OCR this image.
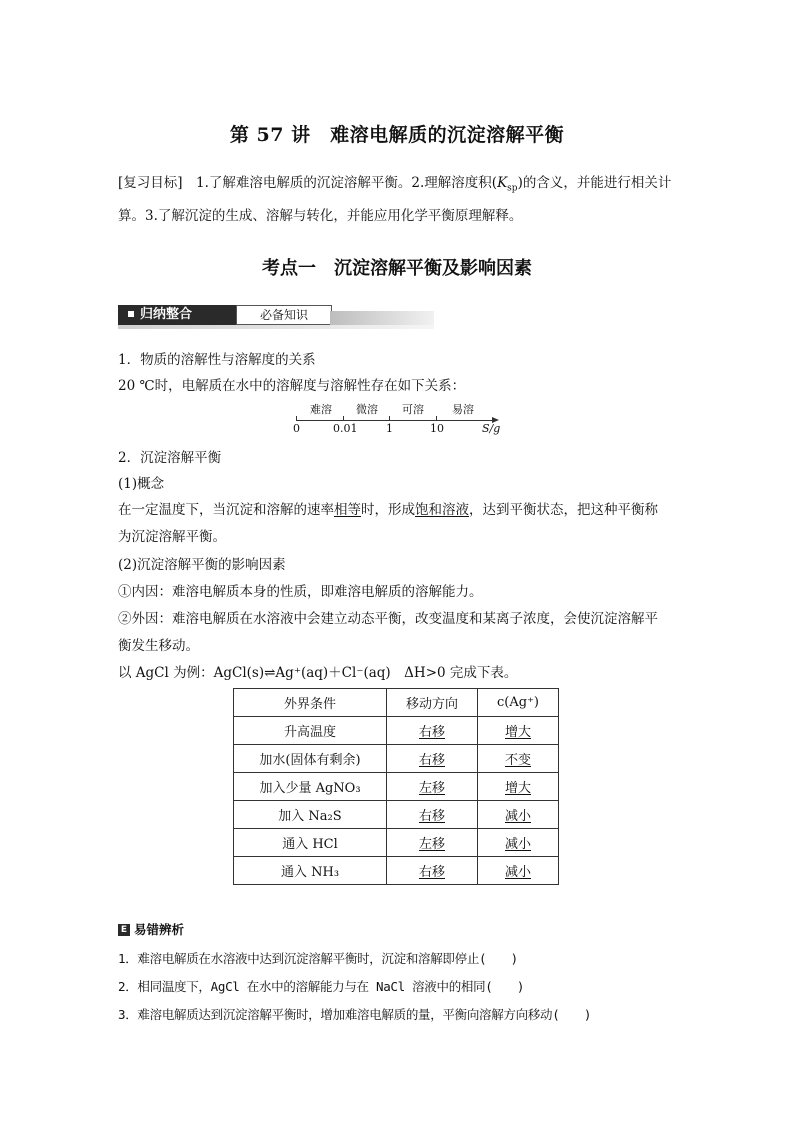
第 57 讲　难溶电解质的沉淀溶解平衡
[复习目标]　 1.了解难溶电解质的沉淀溶解平衡。2.理解溶度积$(K_{sp})$的含义，并能进行相关计算。3.了解沉淀的生成、溶解与转化，并能应用化学平衡原理解释。
考点一　沉淀溶解平衡及影响因素
归纳整合	必备知识
1．物质的溶解性与溶解度的关系
20 ℃时，电解质在水中的溶解度与溶解性存在如下关系：
难溶 微溶 可溶	易溶
0	0.01	1	10	S/g
2．沉淀溶解平衡
(1)概念
在一定温度下，当沉淀和溶解的速率相等时，形成饱和溶液，达到平衡状态，把这种平衡称
为沉淀溶解平衡。
(2)沉淀溶解平衡的影响因素
①内因：难溶电解质本身的性质，即难溶电解质的溶解能力。
②外因：难溶电解质在水溶液中会建立动态平衡，改变温度和某离子浓度，会使沉淀溶解平
衡发生移动。
以 AgCl 为例：AgCl(s)⇌Ag⁺(aq)＋Cl⁻(aq)　ΔH>0 完成下表。
外界条件	移动方向	c(Ag⁺)
升高温度	右移	增大
加水(固体有剩余)	右移	不变
加入少量 AgNO₃	左移	增大
加入 Na₂S	右移	减小
通入 HCl	左移	减小
通入 NH₃	右移	减小
E 易错辨析
1．难溶电解质在水溶液中达到沉淀溶解平衡时，沉淀和溶解即停止(　　)
2．相同温度下，AgCl 在水中的溶解能力与在 NaCl 溶液中的相同(　　)
3．难溶电解质达到沉淀溶解平衡时，增加难溶电解质的量，平衡向溶解方向移动(　　)
